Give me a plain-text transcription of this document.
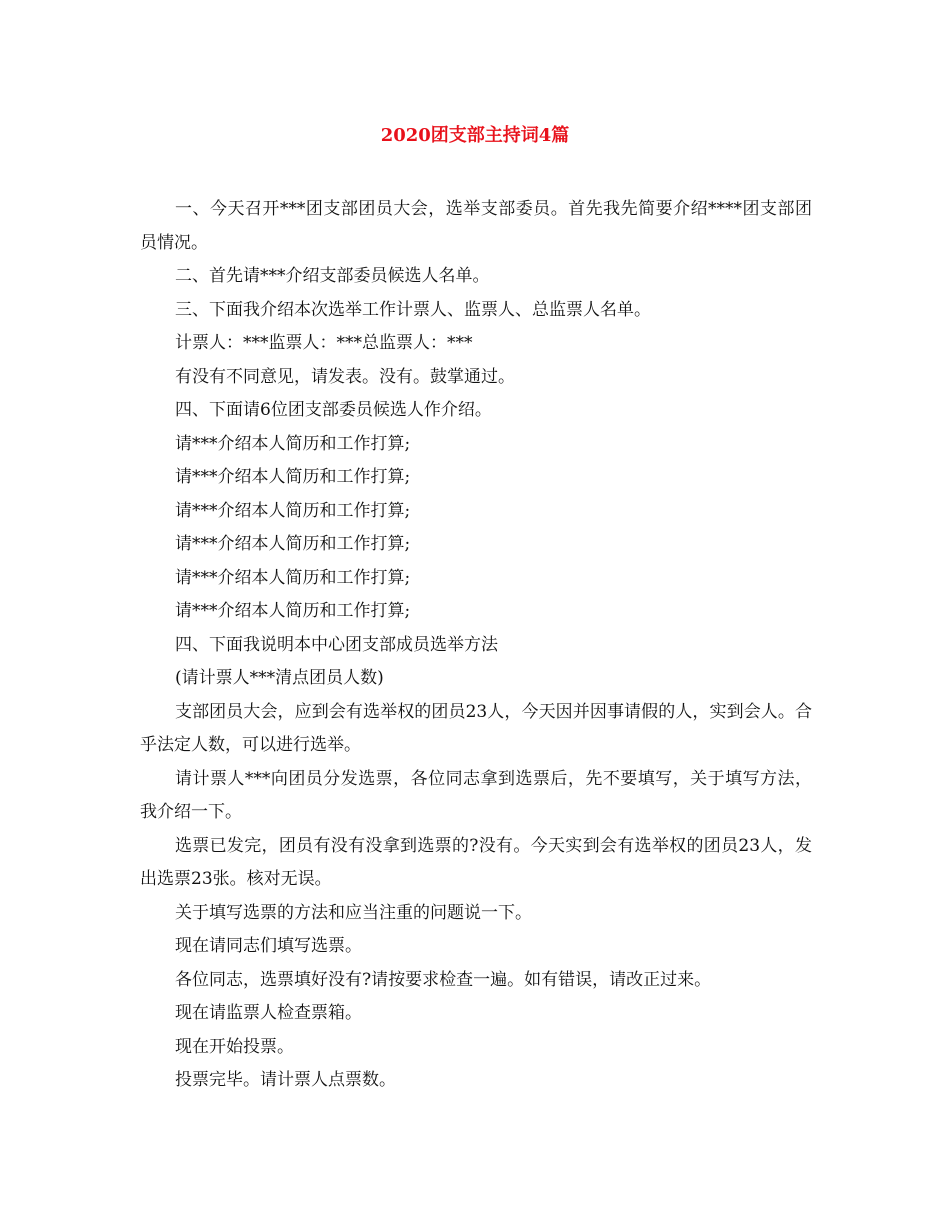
2020团支部主持词4篇

一、今天召开***团支部团员大会，选举支部委员。首先我先简要介绍****团支部团员情况。

二、首先请***介绍支部委员候选人名单。

三、下面我介绍本次选举工作计票人、监票人、总监票人名单。

计票人：***监票人：***总监票人：***

有没有不同意见，请发表。没有。鼓掌通过。

四、下面请6位团支部委员候选人作介绍。

请***介绍本人简历和工作打算;

请***介绍本人简历和工作打算;

请***介绍本人简历和工作打算;

请***介绍本人简历和工作打算;

请***介绍本人简历和工作打算;

请***介绍本人简历和工作打算;

四、下面我说明本中心团支部成员选举方法

(请计票人***清点团员人数)

支部团员大会，应到会有选举权的团员23人，今天因并因事请假的人，实到会人。合乎法定人数，可以进行选举。

请计票人***向团员分发选票，各位同志拿到选票后，先不要填写，关于填写方法，我介绍一下。

选票已发完，团员有没有没拿到选票的?没有。今天实到会有选举权的团员23人，发出选票23张。核对无误。

关于填写选票的方法和应当注重的问题说一下。

现在请同志们填写选票。

各位同志，选票填好没有?请按要求检查一遍。如有错误，请改正过来。

现在请监票人检查票箱。

现在开始投票。

投票完毕。请计票人点票数。
